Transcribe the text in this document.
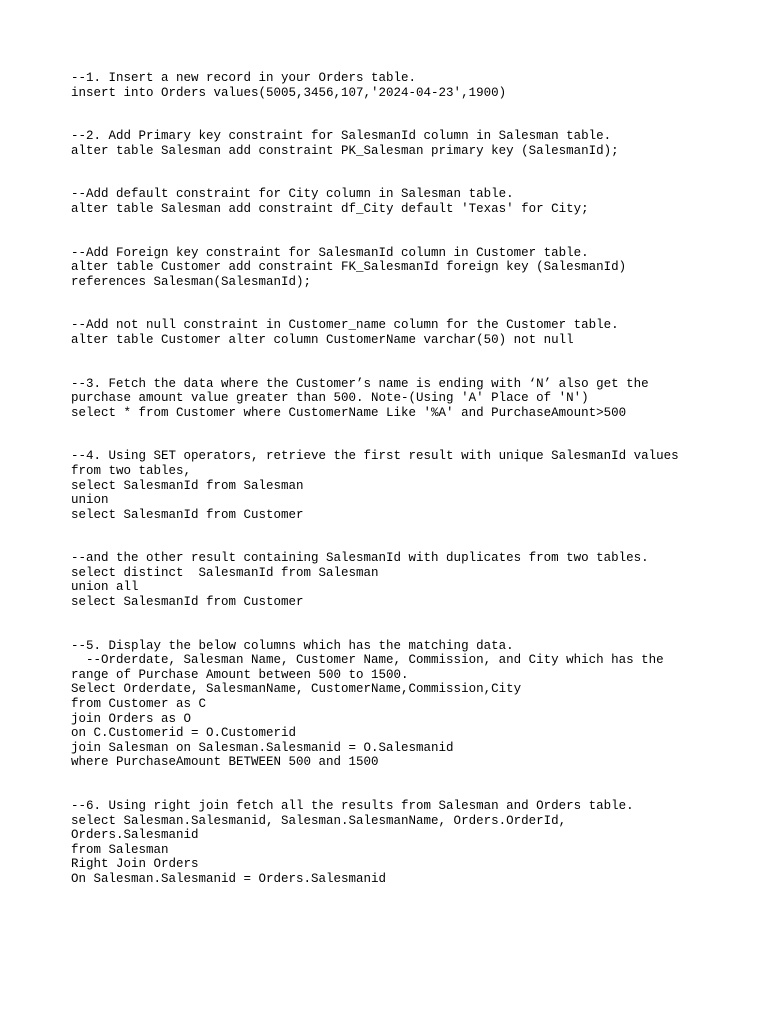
--1. Insert a new record in your Orders table.
insert into Orders values(5005,3456,107,'2024-04-23',1900)
--2. Add Primary key constraint for SalesmanId column in Salesman table.
alter table Salesman add constraint PK_Salesman primary key (SalesmanId);
--Add default constraint for City column in Salesman table.
alter table Salesman add constraint df_City default 'Texas' for City;
--Add Foreign key constraint for SalesmanId column in Customer table.
alter table Customer add constraint FK_SalesmanId foreign key (SalesmanId)
references Salesman(SalesmanId);
--Add not null constraint in Customer_name column for the Customer table.
alter table Customer alter column CustomerName varchar(50) not null
--3. Fetch the data where the Customer’s name is ending with ‘N’ also get the
purchase amount value greater than 500. Note-(Using 'A' Place of 'N')
select * from Customer where CustomerName Like '%A' and PurchaseAmount>500
--4. Using SET operators, retrieve the first result with unique SalesmanId values
from two tables,
select SalesmanId from Salesman
union
select SalesmanId from Customer
--and the other result containing SalesmanId with duplicates from two tables.
select distinct  SalesmanId from Salesman
union all
select SalesmanId from Customer
--5. Display the below columns which has the matching data.
--Orderdate, Salesman Name, Customer Name, Commission, and City which has the
range of Purchase Amount between 500 to 1500.
Select Orderdate, SalesmanName, CustomerName,Commission,City
from Customer as C
join Orders as O
on C.Customerid = O.Customerid
join Salesman on Salesman.Salesmanid = O.Salesmanid
where PurchaseAmount BETWEEN 500 and 1500
--6. Using right join fetch all the results from Salesman and Orders table.
select Salesman.Salesmanid, Salesman.SalesmanName, Orders.OrderId,
Orders.Salesmanid
from Salesman
Right Join Orders
On Salesman.Salesmanid = Orders.Salesmanid
